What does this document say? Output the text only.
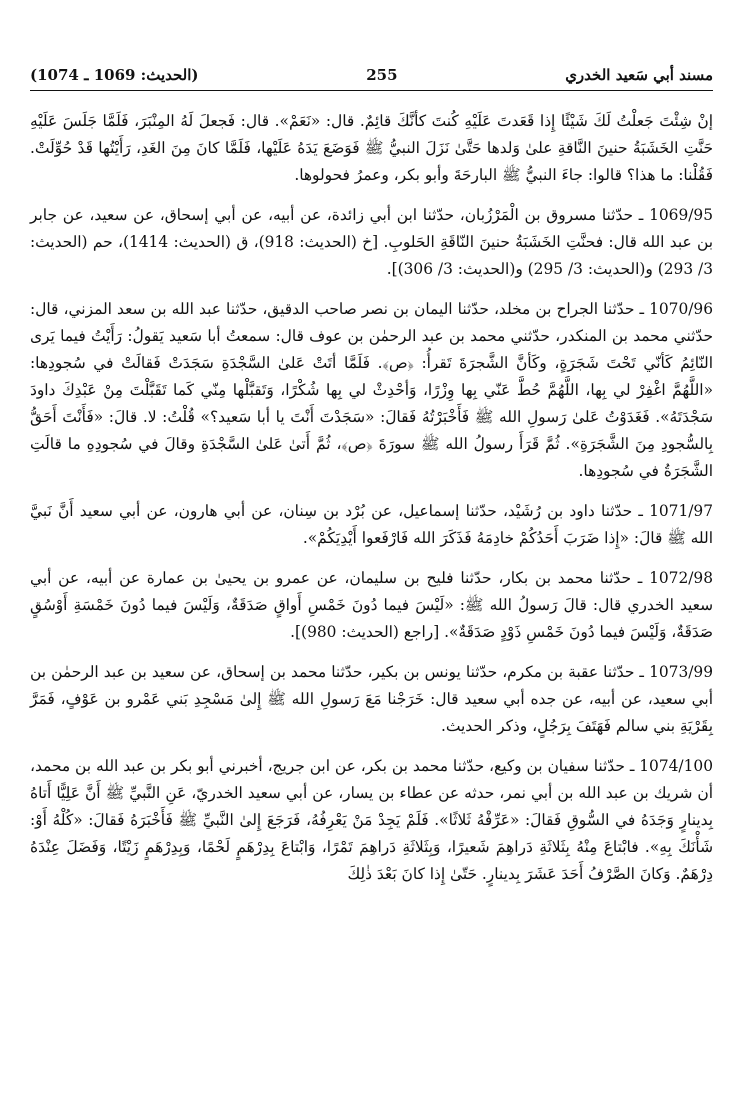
(الحديث: 1069 ـ 1074)	255	مسند أبي سَعيد الخدري

إنْ شِئْتَ جَعلْتُ لَكَ شَيْئًا إِذا قَعَدتَ عَلَيْهِ كُنتَ كأنَّكَ قائِمٌ. قال: «نَعَمْ». قال: فَجعلَ لَهُ المِنْبَرَ، فَلَمَّا جَلَسَ عَلَيْهِ حَنَّتِ الخَشَبَةُ حنينَ النَّاقةِ علىٰ وَلدها حَتَّىٰ نَزَلَ النبيُّ ﷺ فَوَضَعَ يَدَهُ عَلَيْها، فَلَمَّا كانَ مِنَ الغَدِ، رَأَيْتُها قَدْ حُوِّلَتْ. فَقُلْنا: ما هذا؟ قالوا: جاءَ النبيُّ ﷺ البارحَةَ وأبو بكر، وعمرُ فحولوها.

1069/95 ـ حدّثنا مسروق بن الْمَرْزُبان، حدّثنا ابن أبي زائدة، عن أبيه، عن أبي إسحاق، عن سعيد، عن جابر بن عبد الله قال: فحنَّتِ الخَشَبَةُ حنينَ النّاقَةِ الحَلوبِ. [خ (الحديث: 918)، ق (الحديث: 1414)، حم (الحديث: 3/ 293) و(الحديث: 3/ 295) و(الحديث: 3/ 306)].

1070/96 ـ حدّثنا الجراح بن مخلد، حدّثنا اليمان بن نصر صاحب الدقيق، حدّثنا عبد الله بن سعد المزني، قال: حدّثني محمد بن المنكدر، حدّثني محمد بن عبد الرحمٰن بن عوف قال: سمعتُ أبا سَعيد يَقولُ: رَأَيْتُ فيما يَرى النّائِمُ كَأنّي تَحْتَ شَجَرَةٍ، وكَأنَّ الشَّجرَةَ تَقرأُ: ﴿ص﴾. فَلَمَّا أتَتْ عَلىٰ السَّجْدَةِ سَجَدَتْ فَقالَتْ في سُجودِها: «اللَّهُمَّ اغْفِرْ لي بِها، اللَّهُمَّ حُطَّ عَنّي بِها وِزْرًا، وَأحْدِثْ لي بِها شُكْرًا، وَتَقبَّلْها مِنّي كَما تَقَبَّلْتَ مِنْ عَبْدِكَ داودَ سَجْدَتَهُ». فَغَدَوْتُ عَلىٰ رَسولِ الله ﷺ فَأَخْبَرْتُهُ فَقالَ: «سَجَدْتَ أَنْتَ يا أبا سَعيد؟» قُلْتُ: لا. قالَ: «فَأَنْتَ أَحَقُّ بِالسُّجودِ مِنَ الشَّجَرَةِ». ثُمَّ قَرَأَ رسولُ الله ﷺ سورَةَ ﴿ص﴾، ثُمَّ أَتىٰ عَلىٰ السَّجْدَةِ وقالَ في سُجودِهِ ما قالَتِ الشَّجَرَةُ في سُجودِها.

1071/97 ـ حدّثنا داود بن رُشَيْد، حدّثنا إسماعيل، عن بُرْد بن سِنان، عن أبي هارون، عن أبي سعيد أَنَّ نَبيَّ الله ﷺ قالَ: «إِذا ضَرَبَ أَحَدُكُمْ خادِمَهُ فَذَكَرَ الله فَارْفَعوا أَيْدِيَكُمْ».

1072/98 ـ حدّثنا محمد بن بكار، حدّثنا فليح بن سليمان، عن عمرو بن يحيىٰ بن عمارة عن أبيه، عن أبي سعيد الخدري قال: قالَ رَسولُ الله ﷺ: «لَيْسَ فيما دُونَ خَمْسِ أَواقٍ صَدَقَةٌ، وَلَيْسَ فيما دُونَ خَمْسَةِ أَوْسُقٍ صَدَقَةٌ، وَلَيْسَ فيما دُونَ خَمْسِ ذَوْدٍ صَدَقَةٌ». [راجع (الحديث: 980)].

1073/99 ـ حدّثنا عقبة بن مكرم، حدّثنا يونس بن بكير، حدّثنا محمد بن إسحاق، عن سعيد بن عبد الرحمٰن بن أبي سعيد، عن أبيه، عن جده أبي سعيد قال: خَرَجْنا مَعَ رَسولِ الله ﷺ إِلىٰ مَسْجِدِ بَني عَمْرو بن عَوْفٍ، فَمَرَّ بِقَرْيَةِ بني سالم فَهَتَفَ بِرَجُلٍ، وذكر الحديث.

1074/100 ـ حدّثنا سفيان بن وكيع، حدّثنا محمد بن بكر، عن ابن جريج، أخبرني أبو بكر بن عبد الله بن محمد، أن شريك بن عبد الله بن أبي نمر، حدثه عن عطاء بن يسار، عن أبي سعيد الخدريّ، عَنِ النَّبيِّ ﷺ أَنَّ عَلِيًّا أَتاهُ بِدينارٍ وَجَدَهُ في السُّوقِ فَقالَ: «عَرِّفْهُ ثَلاثًا». فَلَمْ يَجِدْ مَنْ يَعْرِفُهُ، فَرَجَعَ إِلىٰ النَّبيِّ ﷺ فَأَخْبَرَهُ فَقالَ: «كُلْهُ أَوْ: شَأْنَكَ بِهِ». فابْتاعَ مِنْهُ بِثَلاثَةِ دَراهِمَ شَعيرًا، وَبِثَلاثَةِ دَراهِمَ تَمْرًا، وَابْتاعَ بِدِرْهَمٍ لَحْمًا، وَبِدِرْهَمٍ زَيْتًا، وَفَضَلَ عِنْدَهُ دِرْهَمٌ. وَكانَ الصَّرْفُ أَحَدَ عَشَرَ بِدينارٍ. حَتّىٰ إِذا كانَ بَعْدَ ذٰلِكَ
